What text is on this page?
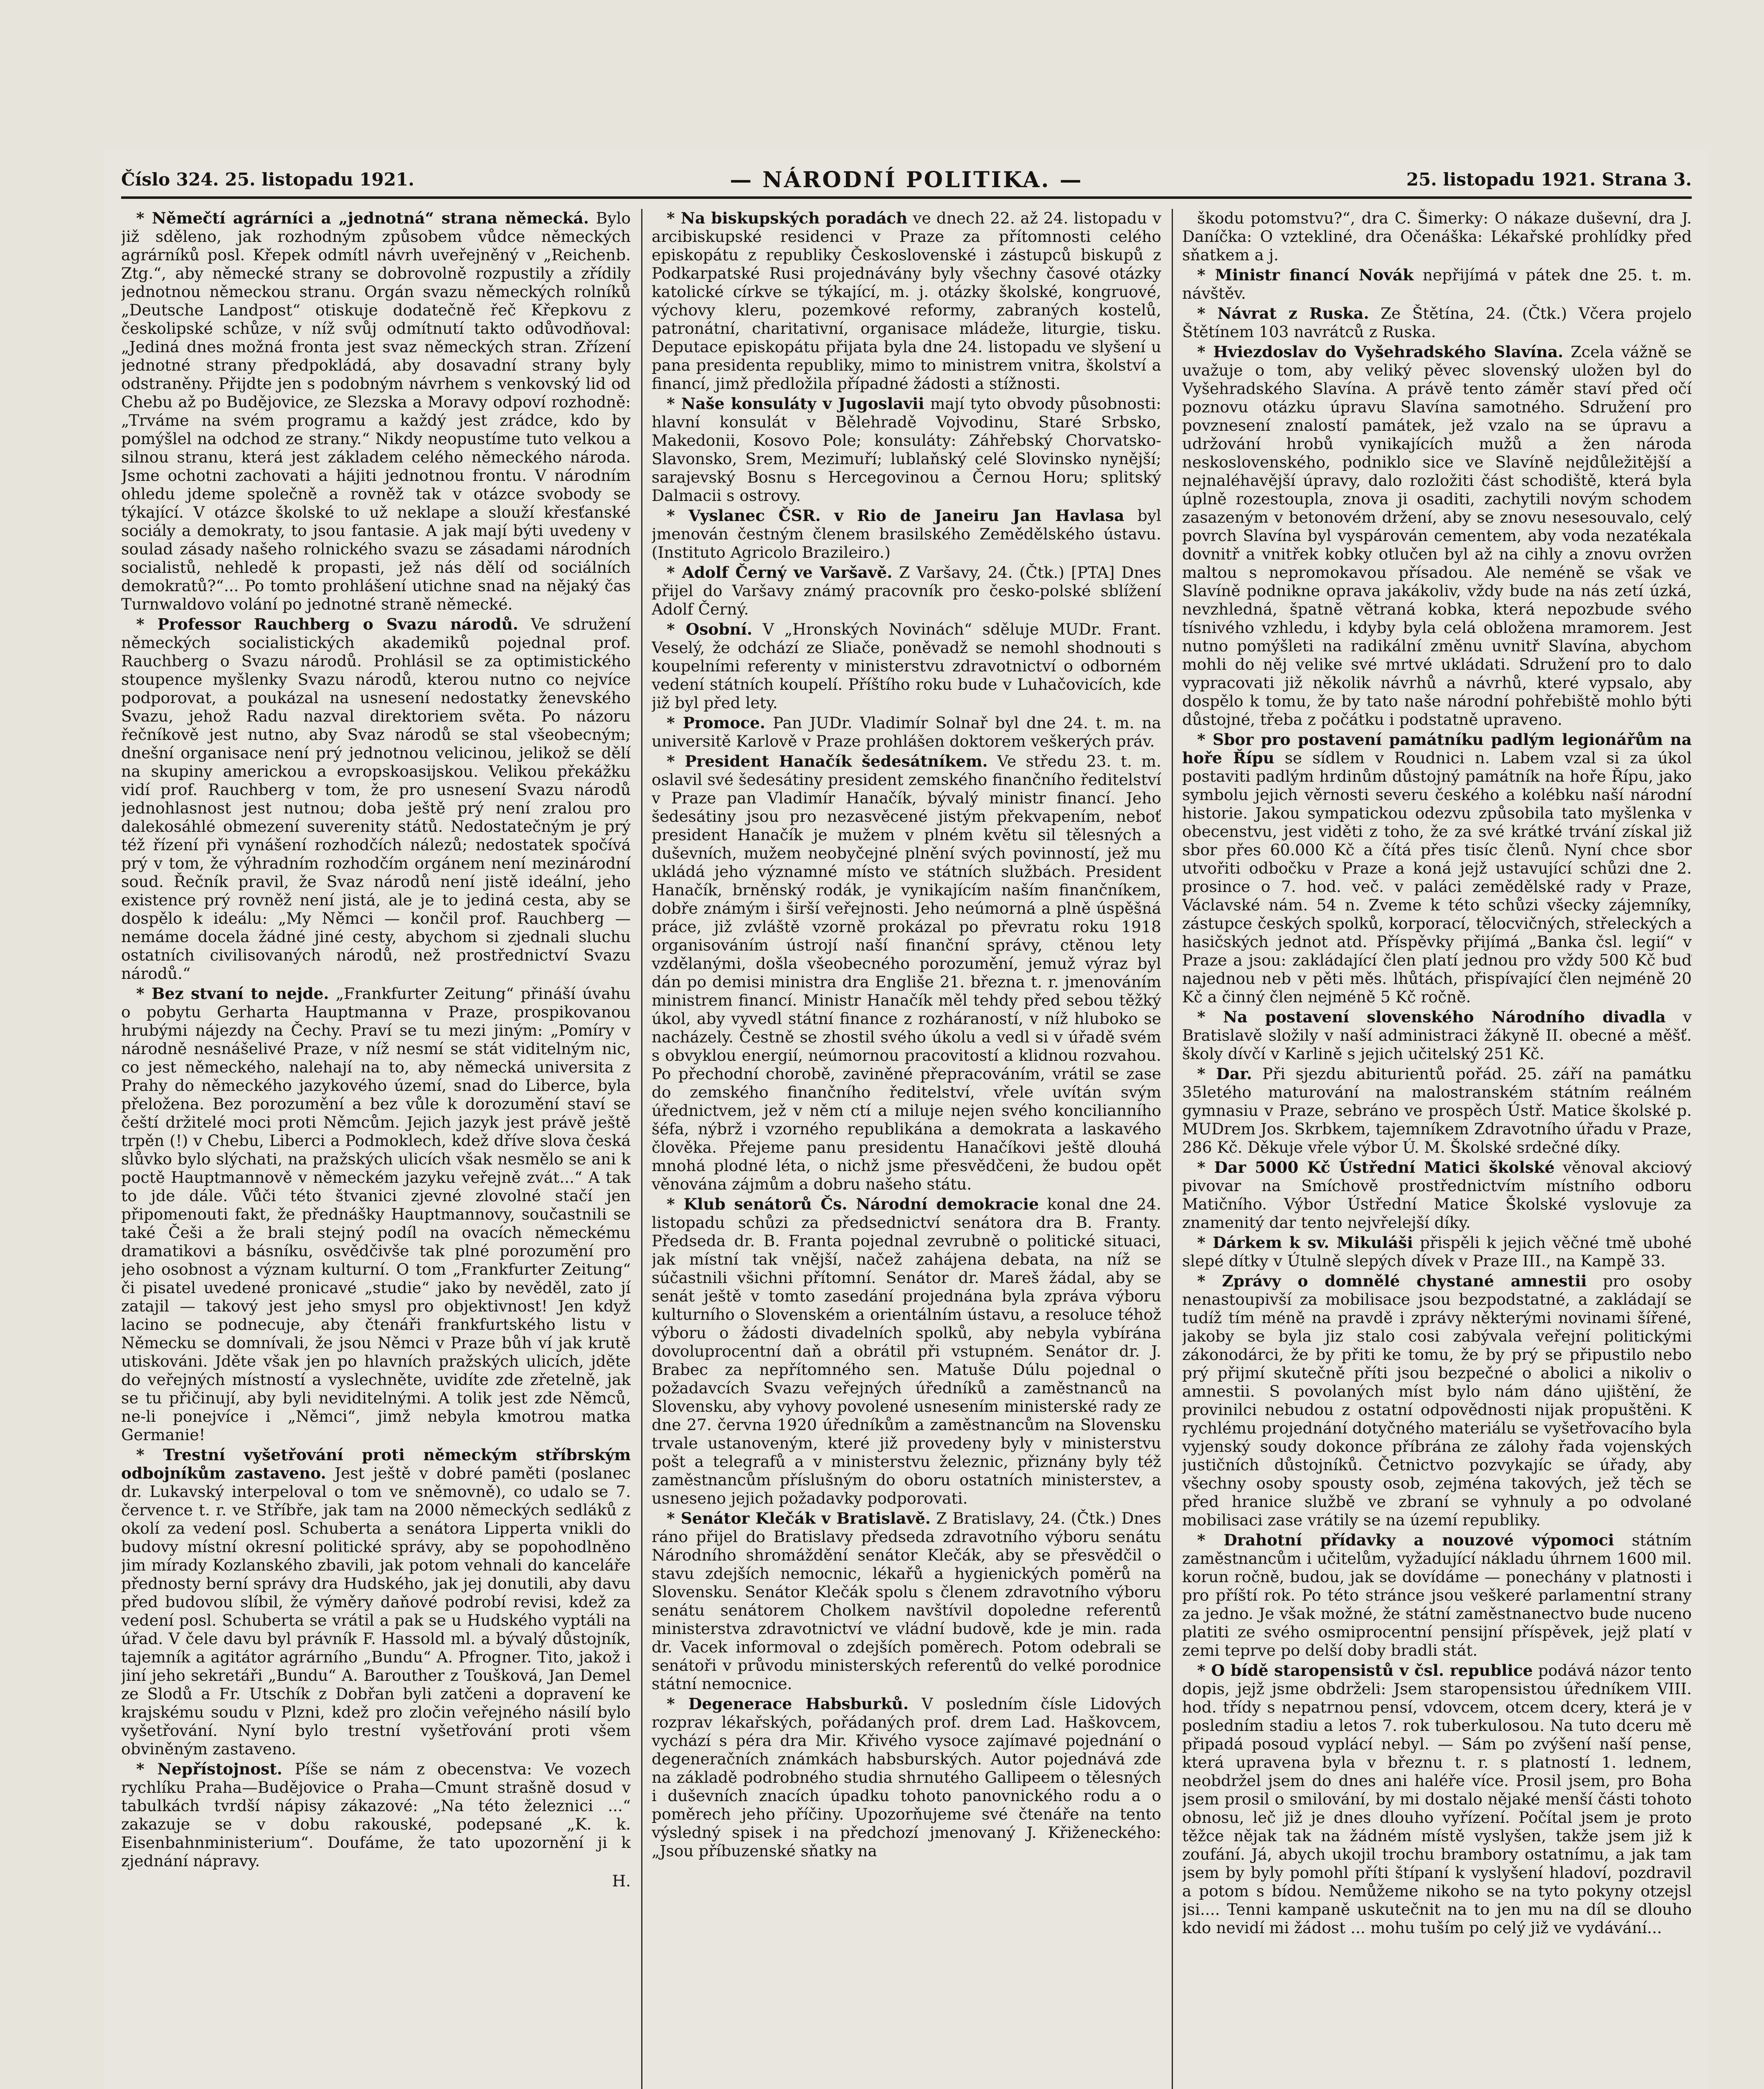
Číslo 324. 25. listopadu 1921.	— NÁRODNÍ POLITIKA. —	25. listopadu 1921. Strana 3.

* Němečtí agrárníci a „jednotná“ strana německá. Bylo již sděleno, jak rozhodným způsobem vůdce německých agrárníků posl. Křepek odmítl návrh uveřejněný v „Reichenb. Ztg.“, aby německé strany se dobrovolně rozpustily a zřídily jednotnou německou stranu. Orgán svazu německých rolníků „Deutsche Landpost“ otiskuje dodatečně řeč Křepkovu z českolipské schůze, v níž svůj odmítnutí takto odůvodňoval: „Jediná dnes možná fronta jest svaz německých stran. Zřízení jednotné strany předpokládá, aby dosavadní strany byly odstraněny. Přijdte jen s podobným návrhem s venkovský lid od Chebu až po Budějovice, ze Slezska a Moravy odpoví rozhodně: „Trváme na svém programu a každý jest zrádce, kdo by pomýšlel na odchod ze strany.“ Nikdy neopustíme tuto velkou a silnou stranu, která jest základem celého německého národa. Jsme ochotni zachovati a hájiti jednotnou frontu. V národním ohledu jdeme společně a rovněž tak v otázce svobody se týkající. V otázce školské to už neklape a slouží křesťanské sociály a demokraty, to jsou fantasie. A jak mají býti uvedeny v soulad zásady našeho rolnického svazu se zásadami národních socialistů, nehledě k propasti, jež nás dělí od sociálních demokratů?“... Po tomto prohlášení utichne snad na nějaký čas Turnwaldovo volání po jednotné straně německé.

* Professor Rauchberg o Svazu národů. Ve sdružení německých socialistických akademiků pojednal prof. Rauchberg o Svazu národů. Prohlásil se za optimistického stoupence myšlenky Svazu národů, kterou nutno co nejvíce podporovat, a poukázal na usnesení nedostatky ženevského Svazu, jehož Radu nazval direktoriem světa. Po názoru řečníkově jest nutno, aby Svaz národů se stal všeobecným; dnešní organisace není prý jednotnou velicinou, jelikož se dělí na skupiny americkou a evropskoasijskou. Velikou překážku vidí prof. Rauchberg v tom, že pro usnesení Svazu národů jednohlasnost jest nutnou; doba ještě prý není zralou pro dalekosáhlé obmezení suverenity států. Nedostatečným je prý též řízení při vynášení rozhodčích nálezů; nedostatek spočívá prý v tom, že výhradním rozhodčím orgánem není mezinárodní soud. Řečník pravil, že Svaz národů není jistě ideální, jeho existence prý rovněž není jistá, ale je to jediná cesta, aby se dospělo k ideálu: „My Němci — končil prof. Rauchberg — nemáme docela žádné jiné cesty, abychom si zjednali sluchu ostatních civilisovaných národů, než prostřednictví Svazu národů.“

* Bez stvaní to nejde. „Frankfurter Zeitung“ přináší úvahu o pobytu Gerharta Hauptmanna v Praze, prospikovanou hrubými nájezdy na Čechy. Praví se tu mezi jiným: „Pomíry v národně nesnášelivé Praze, v níž nesmí se stát viditelným nic, co jest německého, nalehají na to, aby německá universita z Prahy do německého jazykového území, snad do Liberce, byla přeložena. Bez porozumění a bez vůle k dorozumění staví se čeští držitelé moci proti Němcům. Jejich jazyk jest právě ještě trpěn (!) v Chebu, Liberci a Podmoklech, kdež dříve slova česká slůvko bylo slýchati, na pražských ulicích však nesmělo se ani k poctě Hauptmannově v německém jazyku veřejně zvát...“ A tak to jde dále. Vůči této štvanici zjevné zlovolné stačí jen připomenouti fakt, že přednášky Hauptmannovy, součastnili se také Češi a že brali stejný podíl na ovacích německému dramatikovi a básníku, osvědčivše tak plné porozumění pro jeho osobnost a význam kulturní. O tom „Frankfurter Zeitung“ či pisatel uvedené pronicavé „studie“ jako by nevěděl, zato jí zatajil — takový jest jeho smysl pro objektivnost! Jen když lacino se podnecuje, aby čtenáři frankfurtského listu v Německu se domnívali, že jsou Němci v Praze bůh ví jak krutě utiskováni. Jděte však jen po hlavních pražských ulicích, jděte do veřejných místností a vyslechněte, uvidíte zde zřetelně, jak se tu přičinují, aby byli neviditelnými. A tolik jest zde Němců, ne-li ponejvíce i „Němci“, jimž nebyla kmotrou matka Germanie!

* Trestní vyšetřování proti německým stříbrským odbojníkům zastaveno. Jest ještě v dobré paměti (poslanec dr. Lukavský interpeloval o tom ve sněmovně), co udalo se 7. července t. r. ve Stříbře, jak tam na 2000 německých sedláků z okolí za vedení posl. Schuberta a senátora Lipperta vnikli do budovy místní okresní politické správy, aby se popohodlněno jim mírady Kozlanského zbavili, jak potom vehnali do kanceláře přednosty berní správy dra Hudského, jak jej donutili, aby davu před budovou slíbil, že výměry daňové podrobí revisi, kdež za vedení posl. Schuberta se vrátil a pak se u Hudského vyptáli na úřad. V čele davu byl právník F. Hassold ml. a bývalý důstojník, tajemník a agitátor agrárního „Bundu“ A. Pfrogner. Tito, jakož i jiní jeho sekretáři „Bundu“ A. Barouther z Toušková, Jan Demel ze Slodů a Fr. Utschík z Dobřan byli zatčeni a dopravení ke krajskému soudu v Plzni, kdež pro zločin veřejného násilí bylo vyšetřování. Nyní bylo trestní vyšetřování proti všem obviněným zastaveno.

* Nepřístojnost. Píše se nám z obecenstva: Ve vozech rychlíku Praha—Budějovice o Praha—Cmunt strašně dosud v tabulkách tvrdší nápisy zákazové: „Na této železnici ...“ zakazuje se v dobu rakouské, podepsané „K. k. Eisenbahnministerium“. Doufáme, že tato upozornění ji k zjednání nápravy.

H.

* Na biskupských poradách ve dnech 22. až 24. listopadu v arcibiskupské residenci v Praze za přítomnosti celého episkopátu z republiky Československé i zástupců biskupů z Podkarpatské Rusi projednávány byly všechny časové otázky katolické církve se týkající, m. j. otázky školské, kongruové, výchovy kleru, pozemkové reformy, zabraných kostelů, patronátní, charitativní, organisace mládeže, liturgie, tisku. Deputace episkopátu přijata byla dne 24. listopadu ve slyšení u pana presidenta republiky, mimo to ministrem vnitra, školství a financí, jimž předložila případné žádosti a stížnosti.

* Naše konsuláty v Jugoslavii mají tyto obvody působnosti: hlavní konsulát v Bělehradě Vojvodinu, Staré Srbsko, Makedonii, Kosovo Pole; konsuláty: Záhřebský Chorvatsko-Slavonsko, Srem, Mezimuří; lublaňský celé Slovinsko nynější; sarajevský Bosnu s Hercegovinou a Černou Horu; splitský Dalmacii s ostrovy.

* Vyslanec ČSR. v Rio de Janeiru Jan Havlasa byl jmenován čestným členem brasilského Zemědělského ústavu. (Instituto Agricolo Brazileiro.)

* Adolf Černý ve Varšavě. Z Varšavy, 24. (Čtk.) [PTA] Dnes přijel do Varšavy známý pracovník pro česko-polské sblížení Adolf Černý.

* Osobní. V „Hronských Novinách“ sděluje MUDr. Frant. Veselý, že odchází ze Sliače, poněvadž se nemohl shodnouti s koupelními referenty v ministerstvu zdravotnictví o odborném vedení státních koupelí. Příštího roku bude v Luhačovicích, kde již byl před lety.

* Promoce. Pan JUDr. Vladimír Solnař byl dne 24. t. m. na universitě Karlově v Praze prohlášen doktorem veškerých práv.

* President Hanačík šedesátníkem. Ve středu 23. t. m. oslavil své šedesátiny president zemského finančního ředitelství v Praze pan Vladimír Hanačík, bývalý ministr financí. Jeho šedesátiny jsou pro nezasvěcené jistým překvapením, neboť president Hanačík je mužem v plném květu sil tělesných a duševních, mužem neobyčejné plnění svých povinností, jež mu ukládá jeho významné místo ve státních službách. President Hanačík, brněnský rodák, je vynikajícím naším finančníkem, dobře známým i širší veřejnosti. Jeho neúmorná a plně úspěšná práce, již zvláště vzorně prokázal po převratu roku 1918 organisováním ústrojí naší finanční správy, ctěnou lety vzdělanými, došla všeobecného porozumění, jemuž výraz byl dán po demisi ministra dra Engliše 21. března t. r. jmenováním ministrem financí. Ministr Hanačík měl tehdy před sebou těžký úkol, aby vyvedl státní finance z rozháraností, v níž hluboko se nacházely. Čestně se zhostil svého úkolu a vedl si v úřadě svém s obvyklou energií, neúmornou pracovitostí a klidnou rozvahou. Po přechodní chorobě, zaviněné přepracováním, vrátil se zase do zemského finančního ředitelství, vřele uvítán svým úřednictvem, jež v něm ctí a miluje nejen svého koncilianního šéfa, nýbrž i vzorného republikána a demokrata a laskavého člověka. Přejeme panu presidentu Hanačíkovi ještě dlouhá mnohá plodné léta, o nichž jsme přesvědčeni, že budou opět věnována zájmům a dobru našeho státu.

* Klub senátorů Čs. Národní demokracie konal dne 24. listopadu schůzi za předsednictví senátora dra B. Franty. Předseda dr. B. Franta pojednal zevrubně o politické situaci, jak místní tak vnější, načež zahájena debata, na níž se súčastnili všichni přítomní. Senátor dr. Mareš žádal, aby se senát ještě v tomto zasedání projednána byla zpráva výboru kulturního o Slovenském a orientálním ústavu, a resoluce téhož výboru o žádosti divadelních spolků, aby nebyla vybírána dovoluprocentní daň a obrátil při vstupném. Senátor dr. J. Brabec za nepřítomného sen. Matuše Dúlu pojednal o požadavcích Svazu veřejných úředníků a zaměstnanců na Slovensku, aby vyhovy povolené usnesením ministerské rady ze dne 27. června 1920 úředníkům a zaměstnancům na Slovensku trvale ustanoveným, které již provedeny byly v ministerstvu pošt a telegrafů a v ministerstvu železnic, přiznány byly též zaměstnancům příslušným do oboru ostatních ministerstev, a usneseno jejich požadavky podporovati.

* Senátor Klečák v Bratislavě. Z Bratislavy, 24. (Čtk.) Dnes ráno přijel do Bratislavy předseda zdravotního výboru senátu Národního shromáždění senátor Klečák, aby se přesvědčil o stavu zdejších nemocnic, lékařů a hygienických poměrů na Slovensku. Senátor Klečák spolu s členem zdravotního výboru senátu senátorem Cholkem navštívil dopoledne referentů ministerstva zdravotnictví ve vládní budově, kde je min. rada dr. Vacek informoval o zdejších poměrech. Potom odebrali se senátoři v průvodu ministerských referentů do velké porodnice státní nemocnice.

* Degenerace Habsburků. V posledním čísle Lidových rozprav lékařských, pořádaných prof. drem Lad. Haškovcem, vychází s péra dra Mir. Křivého vysoce zajímavé pojednání o degeneračních známkách habsburských. Autor pojednává zde na základě podrobného studia shrnutého Gallipeem o tělesných i duševních znacích úpadku tohoto panovnického rodu a o poměrech jeho příčiny. Upozorňujeme své čtenáře na tento výsledný spisek i na předchozí jmenovaný J. Křiženeckého: „Jsou příbuzenské sňatky na

škodu potomstvu?“, dra C. Šimerky: O nákaze duševní, dra J. Daníčka: O vztekliné, dra Očenáška: Lékařské prohlídky před sňatkem a j.

* Ministr financí Novák nepřijímá v pátek dne 25. t. m. návštěv.

* Návrat z Ruska. Ze Štětína, 24. (Čtk.) Včera projelo Štětínem 103 navrátců z Ruska.

* Hviezdoslav do Vyšehradského Slavína. Zcela vážně se uvažuje o tom, aby veliký pěvec slovenský uložen byl do Vyšehradského Slavína. A právě tento záměr staví před očí poznovu otázku úpravu Slavína samotného. Sdružení pro povznesení znalostí památek, jež vzalo na se úpravu a udržování hrobů vynikajících mužů a žen národa neskoslovenského, podniklo sice ve Slavíně nejdůležitější a nejnaléhavější úpravy, dalo rozložiti část schodiště, která byla úplně rozestoupla, znova ji osaditi, zachytili novým schodem zasazeným v betonovém držení, aby se znovu nesesouvalo, celý povrch Slavína byl vyspárován cementem, aby voda nezatékala dovnitř a vnitřek kobky otlučen byl až na cihly a znovu ovržen maltou s nepromokavou přísadou. Ale neméně se však ve Slavíně podnikne oprava jakákoliv, vždy bude na nás zetí úzká, nevzhledná, špatně větraná kobka, která nepozbude svého tísnivého vzhledu, i kdyby byla celá obložena mramorem. Jest nutno pomýšleti na radikální změnu uvnitř Slavína, abychom mohli do něj velike své mrtvé ukládati. Sdružení pro to dalo vypracovati již několik návrhů a návrhů, které vypsalo, aby dospělo k tomu, že by tato naše národní pohřebiště mohlo býti důstojné, třeba z počátku i podstatně upraveno.

* Sbor pro postavení památníku padlým legionářům na hoře Řípu se sídlem v Roudnici n. Labem vzal si za úkol postaviti padlým hrdinům důstojný památník na hoře Řípu, jako symbolu jejich věrnosti severu českého a kolébku naší národní historie. Jakou sympatickou odezvu způsobila tato myšlenka v obecenstvu, jest viděti z toho, že za své krátké trvání získal již sbor přes 60.000 Kč a čítá přes tisíc členů. Nyní chce sbor utvořiti odbočku v Praze a koná jejž ustavující schůzi dne 2. prosince o 7. hod. več. v paláci zemědělské rady v Praze, Václavské nám. 54 n. Zveme k této schůzi všecky zájemníky, zástupce českých spolků, korporací, tělocvičných, střeleckých a hasičských jednot atd. Příspěvky přijímá „Banka čsl. legií“ v Praze a jsou: zakládající člen platí jednou pro vždy 500 Kč buď najednou neb v pěti měs. lhůtách, přispívající člen nejméně 20 Kč a činný člen nejméně 5 Kč ročně.

* Na postavení slovenského Národního divadla v Bratislavě složily v naší administraci žákyně II. obecné a měšť. školy dívčí v Karlině s jejich učitelský 251 Kč.

* Dar. Při sjezdu abiturientů pořád. 25. září na památku 35letého maturování na malostranském státním reálném gymnasiu v Praze, sebráno ve prospěch Ústř. Matice školské p. MUDrem Jos. Skrbkem, tajemníkem Zdravotního úřadu v Praze, 286 Kč. Děkuje vřele výbor Ú. M. Školské srdečné díky.

* Dar 5000 Kč Ústřední Matici školské věnoval akciový pivovar na Smíchově prostřednictvím místního odboru Matičního. Výbor Ústřední Matice Školské vyslovuje za znamenitý dar tento nejvřelejší díky.

* Dárkem k sv. Mikuláši přispěli k jejich věčné tmě ubohé slepé dítky v Útulně slepých dívek v Praze III., na Kampě 33.

* Zprávy o domnělé chystané amnestii pro osoby nenastoupivší za mobilisace jsou bezpodstatné, a zakládají se tudíž tím méně na pravdě i zprávy některými novinami šířené, jakoby se byla jiz stalo cosi zabývala veřejní politickými zákonodárci, že by přiti ke tomu, že by prý se připustilo nebo prý přijmí skutečně příti jsou bezpečné o abolici a nikoliv o amnestii. S povolaných míst bylo nám dáno ujištění, že provinilci nebudou z ostatní odpovědnosti nijak propuštěni. K rychlému projednání dotyčného materiálu se vyšetřovacího byla vyjenský soudy dokonce příbrána ze zálohy řada vojenských justičních důstojníků. Četnictvo pozvykajíc se úřady, aby všechny osoby spousty osob, zejména takových, jež těch se před hranice službě ve zbraní se vyhnuly a po odvolané mobilisaci zase vrátily se na území republiky.

* Drahotní přídavky a nouzové výpomoci státním zaměstnancům i učitelům, vyžadující nákladu úhrnem 1600 mil. korun ročně, budou, jak se dovídáme — ponechány v platnosti i pro příští rok. Po této stránce jsou veškeré parlamentní strany za jedno. Je však možné, že státní zaměstnanectvo bude nuceno platiti ze svého osmiprocentní pensijní příspěvek, jejž platí v zemi teprve po delší doby bradli stát.

* O bídě staropensistů v čsl. republice podává názor tento dopis, jejž jsme obdrželi: Jsem staropensistou úředníkem VIII. hod. třídy s nepatrnou pensí, vdovcem, otcem dcery, která je v posledním stadiu a letos 7. rok tuberkulosou. Na tuto dceru mě připadá posoud vyplácí nebyl. — Sám po zvýšení naší pense, která upravena byla v březnu t. r. s platností 1. lednem, neobdržel jsem do dnes ani haléře více. Prosil jsem, pro Boha jsem prosil o smilování, by mi dostalo nějaké menší části tohoto obnosu, leč již je dnes dlouho vyřízení. Počítal jsem je proto těžce nějak tak na žádném místě vyslyšen, takže jsem již k zoufání. Já, abych ukojil trochu brambory ostatnímu, a jak tam jsem by byly pomohl příti štípaní k vyslyšení hladoví, pozdravil a potom s bídou. Nemůžeme nikoho se na tyto pokyny otzejsl jsi.... Tenni kampaně uskutečnit na to jen mu na díl se dlouho kdo nevidí mi žádost ... mohu tuším po celý již ve vydávání...
